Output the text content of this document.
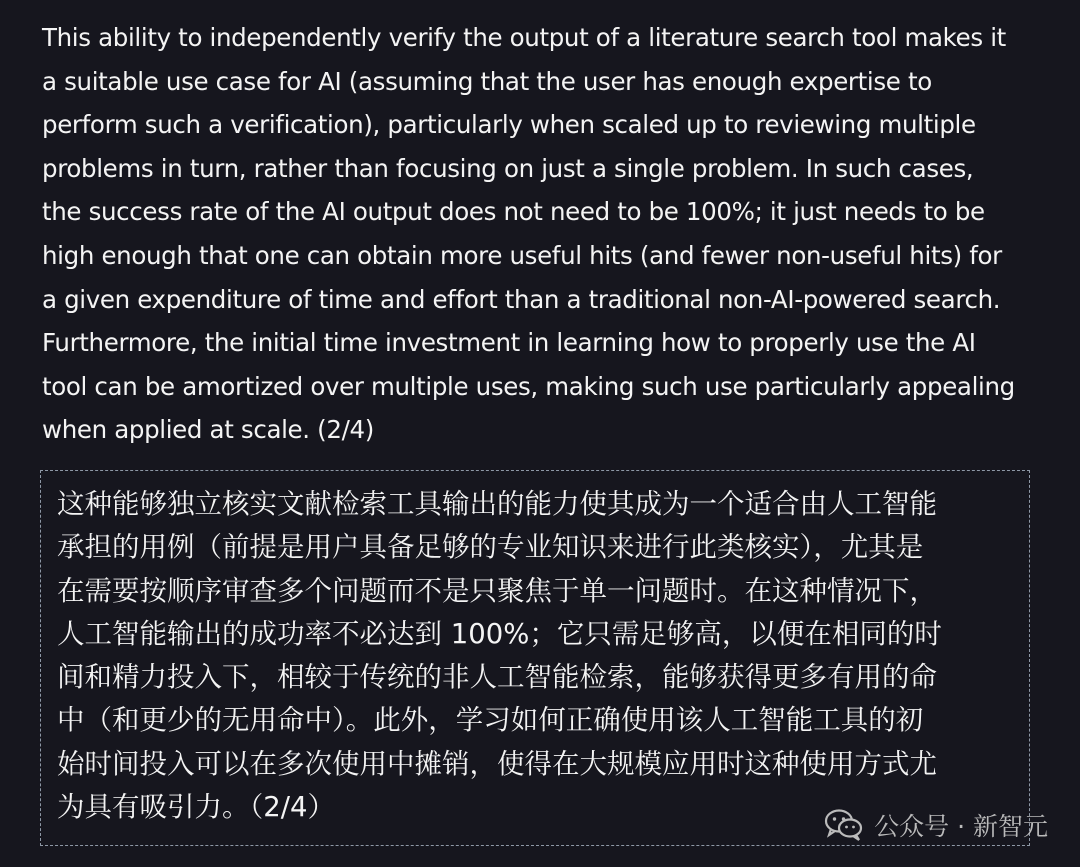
This ability to independently verify the output of a literature search tool makes it
a suitable use case for AI (assuming that the user has enough expertise to
perform such a verification), particularly when scaled up to reviewing multiple
problems in turn, rather than focusing on just a single problem. In such cases,
the success rate of the AI output does not need to be 100%; it just needs to be
high enough that one can obtain more useful hits (and fewer non-useful hits) for
a given expenditure of time and effort than a traditional non-AI-powered search.
Furthermore, the initial time investment in learning how to properly use the AI
tool can be amortized over multiple uses, making such use particularly appealing
when applied at scale. (2/4)
这种能够独立核实文献检索工具输出的能力使其成为一个适合由人工智能
承担的用例（前提是用户具备足够的专业知识来进行此类核实），尤其是
在需要按顺序审查多个问题而不是只聚焦于单一问题时。在这种情况下，
人工智能输出的成功率不必达到 100%；它只需足够高，以便在相同的时
间和精力投入下，相较于传统的非人工智能检索，能够获得更多有用的命
中（和更少的无用命中）。此外，学习如何正确使用该人工智能工具的初
始时间投入可以在多次使用中摊销，使得在大规模应用时这种使用方式尤
为具有吸引力。（2/4）
公众号 · 新智元
